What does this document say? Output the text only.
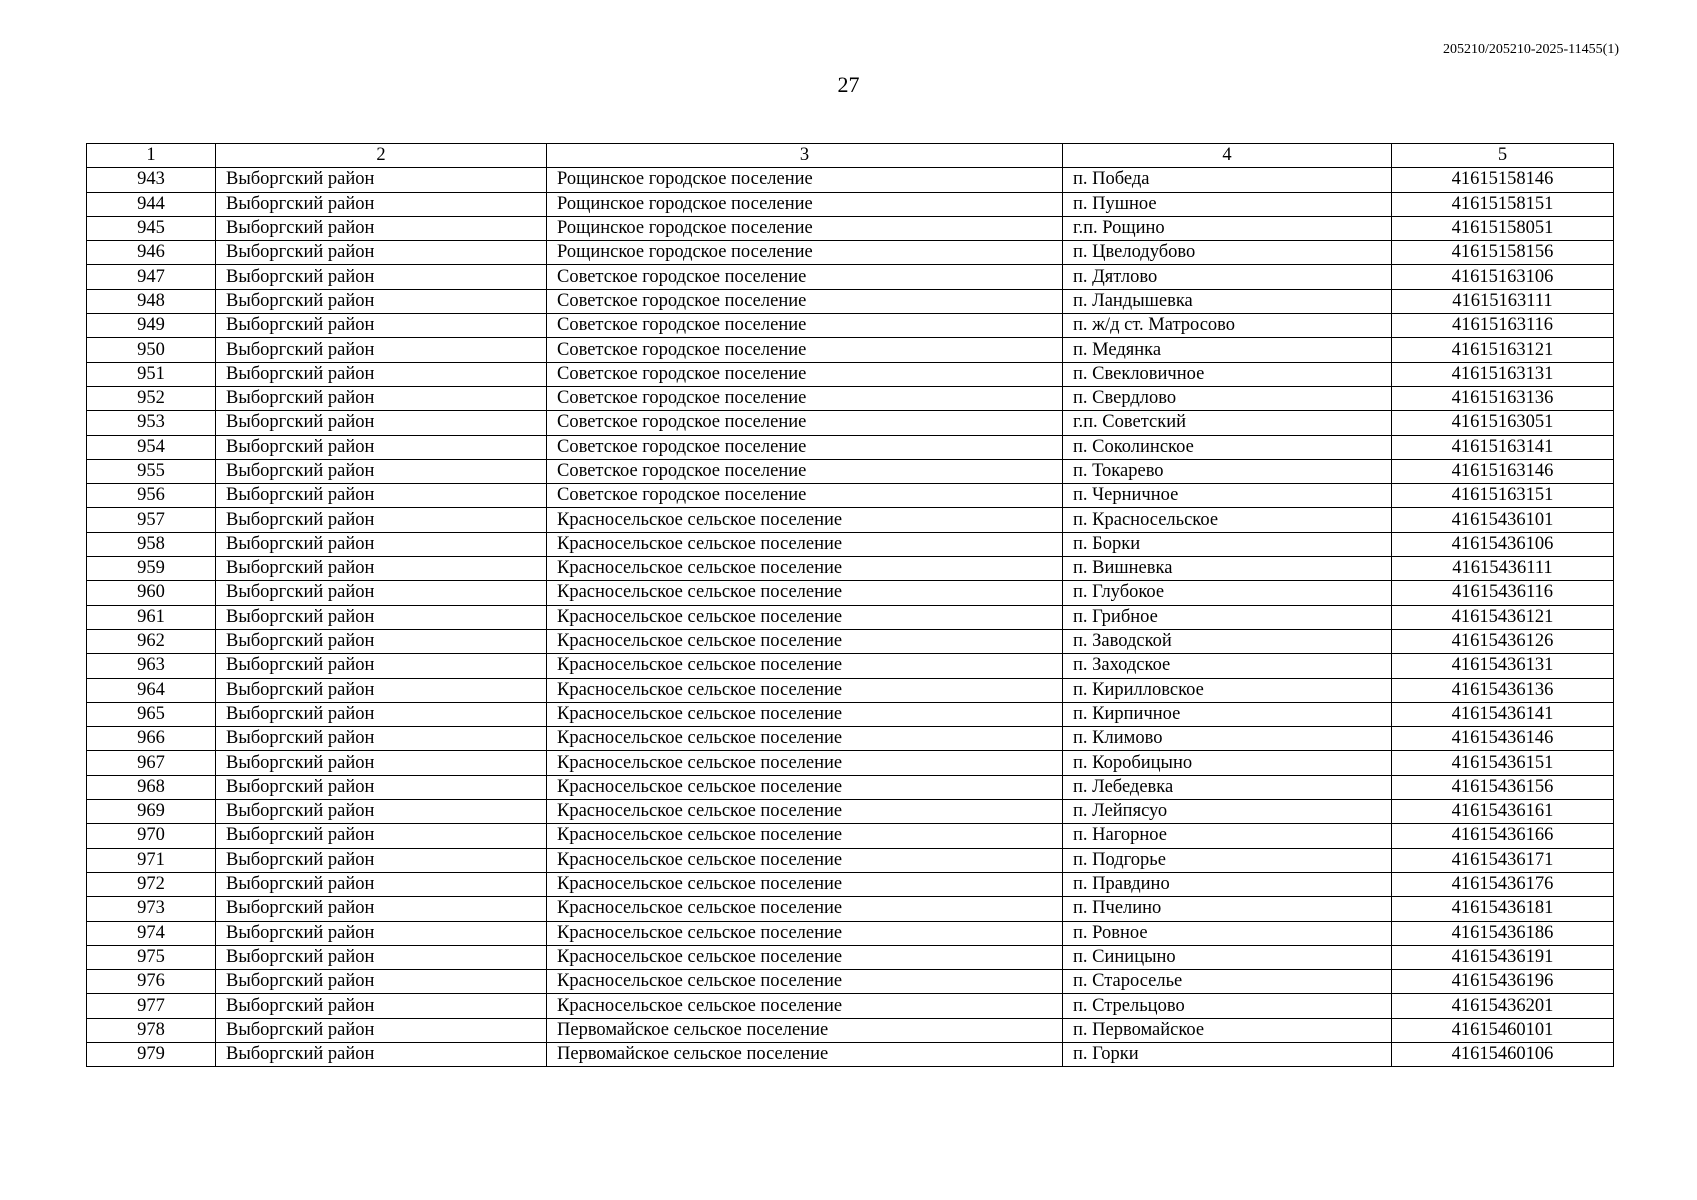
205210/205210-2025-11455(1)
27
1	2	3	4	5
943	Выборгский район	Рощинское городское поселение	п. Победа	41615158146
944	Выборгский район	Рощинское городское поселение	п. Пушное	41615158151
945	Выборгский район	Рощинское городское поселение	г.п. Рощино	41615158051
946	Выборгский район	Рощинское городское поселение	п. Цвелодубово	41615158156
947	Выборгский район	Советское городское поселение	п. Дятлово	41615163106
948	Выборгский район	Советское городское поселение	п. Ландышевка	41615163111
949	Выборгский район	Советское городское поселение	п. ж/д ст. Матросово	41615163116
950	Выборгский район	Советское городское поселение	п. Медянка	41615163121
951	Выборгский район	Советское городское поселение	п. Свекловичное	41615163131
952	Выборгский район	Советское городское поселение	п. Свердлово	41615163136
953	Выборгский район	Советское городское поселение	г.п. Советский	41615163051
954	Выборгский район	Советское городское поселение	п. Соколинское	41615163141
955	Выборгский район	Советское городское поселение	п. Токарево	41615163146
956	Выборгский район	Советское городское поселение	п. Черничное	41615163151
957	Выборгский район	Красносельское сельское поселение	п. Красносельское	41615436101
958	Выборгский район	Красносельское сельское поселение	п. Борки	41615436106
959	Выборгский район	Красносельское сельское поселение	п. Вишневка	41615436111
960	Выборгский район	Красносельское сельское поселение	п. Глубокое	41615436116
961	Выборгский район	Красносельское сельское поселение	п. Грибное	41615436121
962	Выборгский район	Красносельское сельское поселение	п. Заводской	41615436126
963	Выборгский район	Красносельское сельское поселение	п. Заходское	41615436131
964	Выборгский район	Красносельское сельское поселение	п. Кирилловское	41615436136
965	Выборгский район	Красносельское сельское поселение	п. Кирпичное	41615436141
966	Выборгский район	Красносельское сельское поселение	п. Климово	41615436146
967	Выборгский район	Красносельское сельское поселение	п. Коробицыно	41615436151
968	Выборгский район	Красносельское сельское поселение	п. Лебедевка	41615436156
969	Выборгский район	Красносельское сельское поселение	п. Лейпясуо	41615436161
970	Выборгский район	Красносельское сельское поселение	п. Нагорное	41615436166
971	Выборгский район	Красносельское сельское поселение	п. Подгорье	41615436171
972	Выборгский район	Красносельское сельское поселение	п. Правдино	41615436176
973	Выборгский район	Красносельское сельское поселение	п. Пчелино	41615436181
974	Выборгский район	Красносельское сельское поселение	п. Ровное	41615436186
975	Выборгский район	Красносельское сельское поселение	п. Синицыно	41615436191
976	Выборгский район	Красносельское сельское поселение	п. Староселье	41615436196
977	Выборгский район	Красносельское сельское поселение	п. Стрельцово	41615436201
978	Выборгский район	Первомайское сельское поселение	п. Первомайское	41615460101
979	Выборгский район	Первомайское сельское поселение	п. Горки	41615460106
